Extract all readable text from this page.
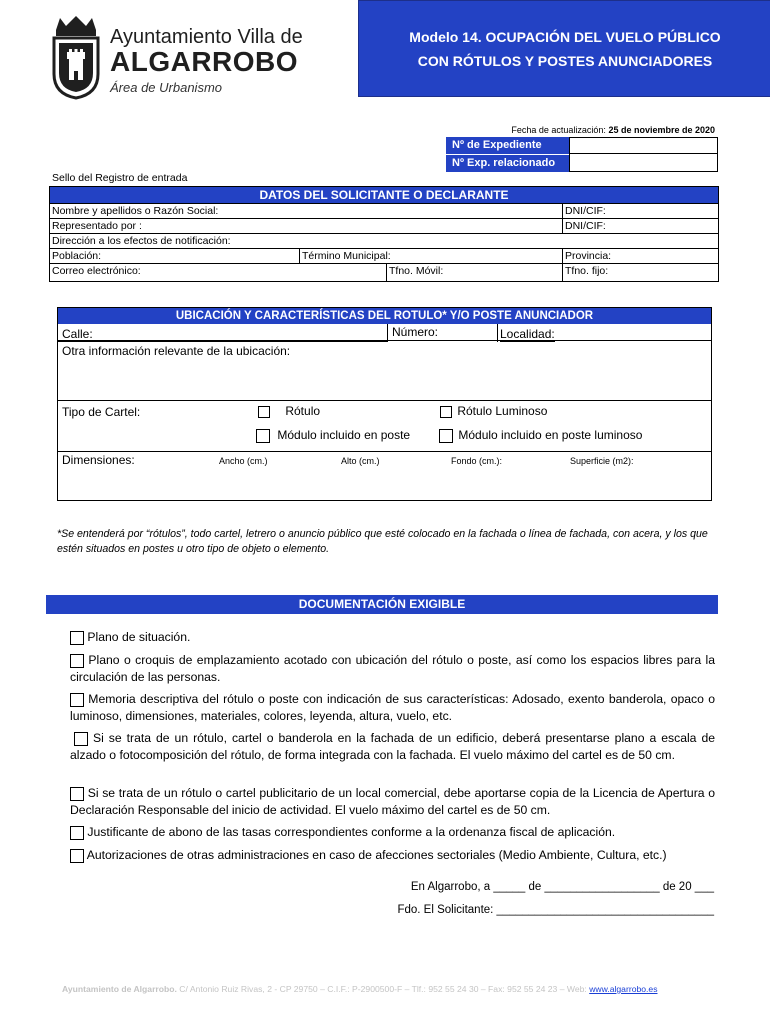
Ayuntamiento Villa de
ALGARROBO
Área de Urbanismo
Modelo 14. OCUPACIÓN DEL VUELO PÚBLICO
CON RÓTULOS Y POSTES ANUNCIADORES
Fecha de actualización: 25 de noviembre de 2020
Nº de Expediente
Nº Exp. relacionado
Sello del Registro de entrada
DATOS DEL SOLICITANTE O DECLARANTE
Nombre y apellidos o Razón Social:	DNI/CIF:
Representado por :	DNI/CIF:
Dirección a los efectos de notificación:
Población:	Término Municipal:	Provincia:
Correo electrónico:	Tfno. Móvil:	Tfno. fijo:
UBICACIÓN Y CARACTERÍSTICAS DEL ROTULO* Y/O POSTE ANUNCIADOR
Calle:	Número:	Localidad:
Otra información relevante de la ubicación:
Tipo de Cartel:	Rótulo	Rótulo Luminoso
Módulo incluido en poste	Módulo incluido en poste luminoso
Dimensiones:	Ancho (cm.)	Alto (cm.)	Fondo (cm.):	Superficie (m2):
*Se entenderá por “rótulos”, todo cartel, letrero o anuncio público que esté colocado en la fachada o línea de fachada, con acera, y los que estén situados en postes u otro tipo de objeto o elemento.
DOCUMENTACIÓN EXIGIBLE
Plano de situación.
Plano o croquis de emplazamiento acotado con ubicación del rótulo o poste, así como los espacios libres para la circulación de las personas.
Memoria descriptiva del rótulo o poste con indicación de sus características: Adosado, exento banderola, opaco o luminoso, dimensiones, materiales, colores, leyenda, altura, vuelo, etc.
Si se trata de un rótulo, cartel o banderola en la fachada de un edificio, deberá presentarse plano a escala de alzado o fotocomposición del rótulo, de forma integrada con la fachada. El vuelo máximo del cartel es de 50 cm.
Si se trata de un rótulo o cartel publicitario de un local comercial, debe aportarse copia de la Licencia de Apertura o Declaración Responsable del inicio de actividad. El vuelo máximo del cartel es de 50 cm.
Justificante de abono de las tasas correspondientes conforme a la ordenanza fiscal de aplicación.
Autorizaciones de otras administraciones en caso de afecciones sectoriales (Medio Ambiente, Cultura, etc.)
En Algarrobo, a _____ de __________________ de 20 ___
Fdo. El Solicitante: __________________________________
Ayuntamiento de Algarrobo. C/ Antonio Ruiz Rivas, 2 - CP 29750 – C.I.F.: P-2900500-F – Tlf.: 952 55 24 30 – Fax: 952 55 24 23 – Web: www.algarrobo.es
